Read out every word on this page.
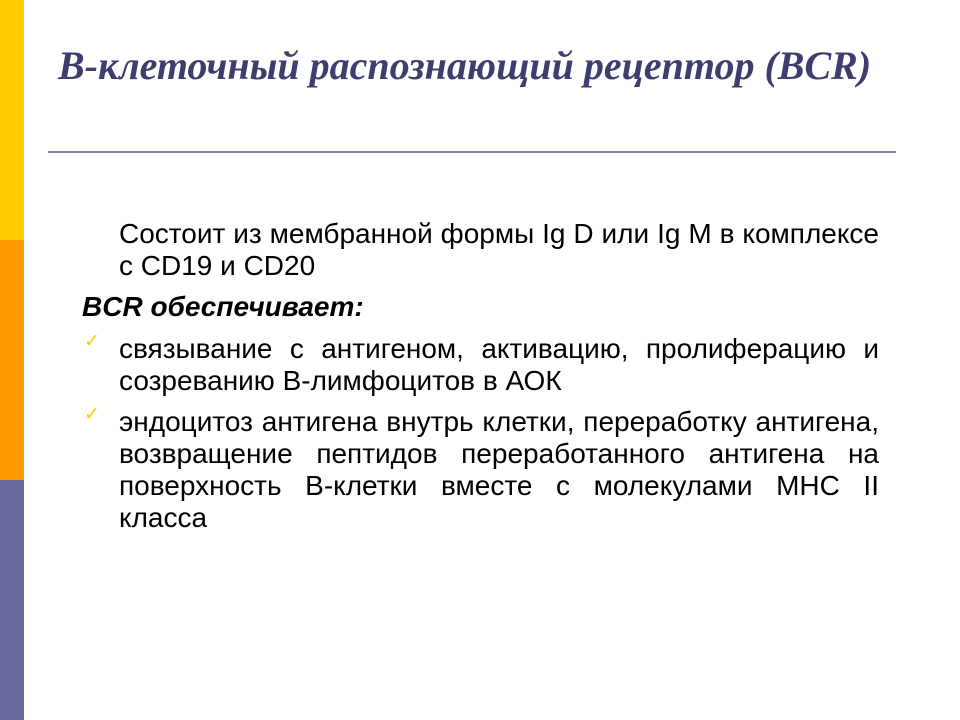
В-клеточный распознающий рецептор (BCR)

Состоит из мембранной формы Ig D или Ig M в комплексе с CD19 и CD20

BCR обеспечивает:

✓ связывание с антигеном, активацию, пролиферацию и созреванию В-лимфоцитов в АОК
✓ эндоцитоз антигена внутрь клетки, переработку антигена, возвращение пептидов переработанного антигена на поверхность В-клетки вместе с молекулами МНС II класса
